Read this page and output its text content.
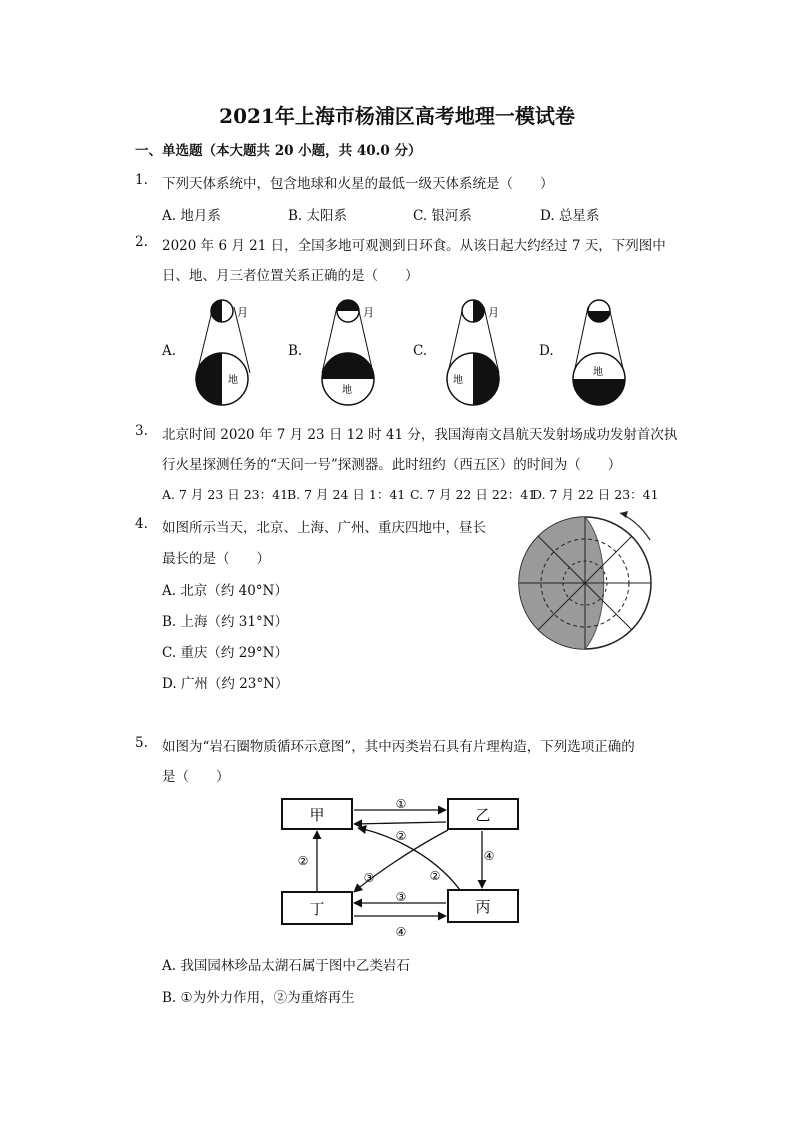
2021年上海市杨浦区高考地理一模试卷
一、单选题（本大题共 20 小题，共 40.0 分）
1. 下列天体系统中，包含地球和火星的最低一级天体系统是（　　）
A. 地月系	B. 太阳系	C. 银河系	D. 总星系
2. 2020 年 6 月 21 日，全国多地可观测到日环食。从该日起大约经过 7 天，下列图中
日、地、月三者位置关系正确的是（　　）
A.	B.	C.	D.
月
地
月
地
月
地
地
3. 北京时间 2020 年 7 月 23 日 12 时 41 分，我国海南文昌航天发射场成功发射首次执
行火星探测任务的“天问一号”探测器。此时纽约（西五区）的时间为（　　）
A. 7 月 23 日 23：41
B. 7 月 24 日 1：41 C. 7 月 22 日 22：41
D. 7 月 22 日 23：41
4. 如图所示当天，北京、上海、广州、重庆四地中，昼长
最长的是（　　）
A. 北京（约 40°N）
B. 上海（约 31°N）
C. 重庆（约 29°N）
D. 广州（约 23°N）
5. 如图为“岩石圈物质循环示意图”，其中丙类岩石具有片理构造，下列选项正确的
是（　　）
甲	乙
丁	丙
①
②
②	④
③	②
③
④
A. 我国园林珍品太湖石属于图中乙类岩石
B. ①为外力作用，②为重熔再生
